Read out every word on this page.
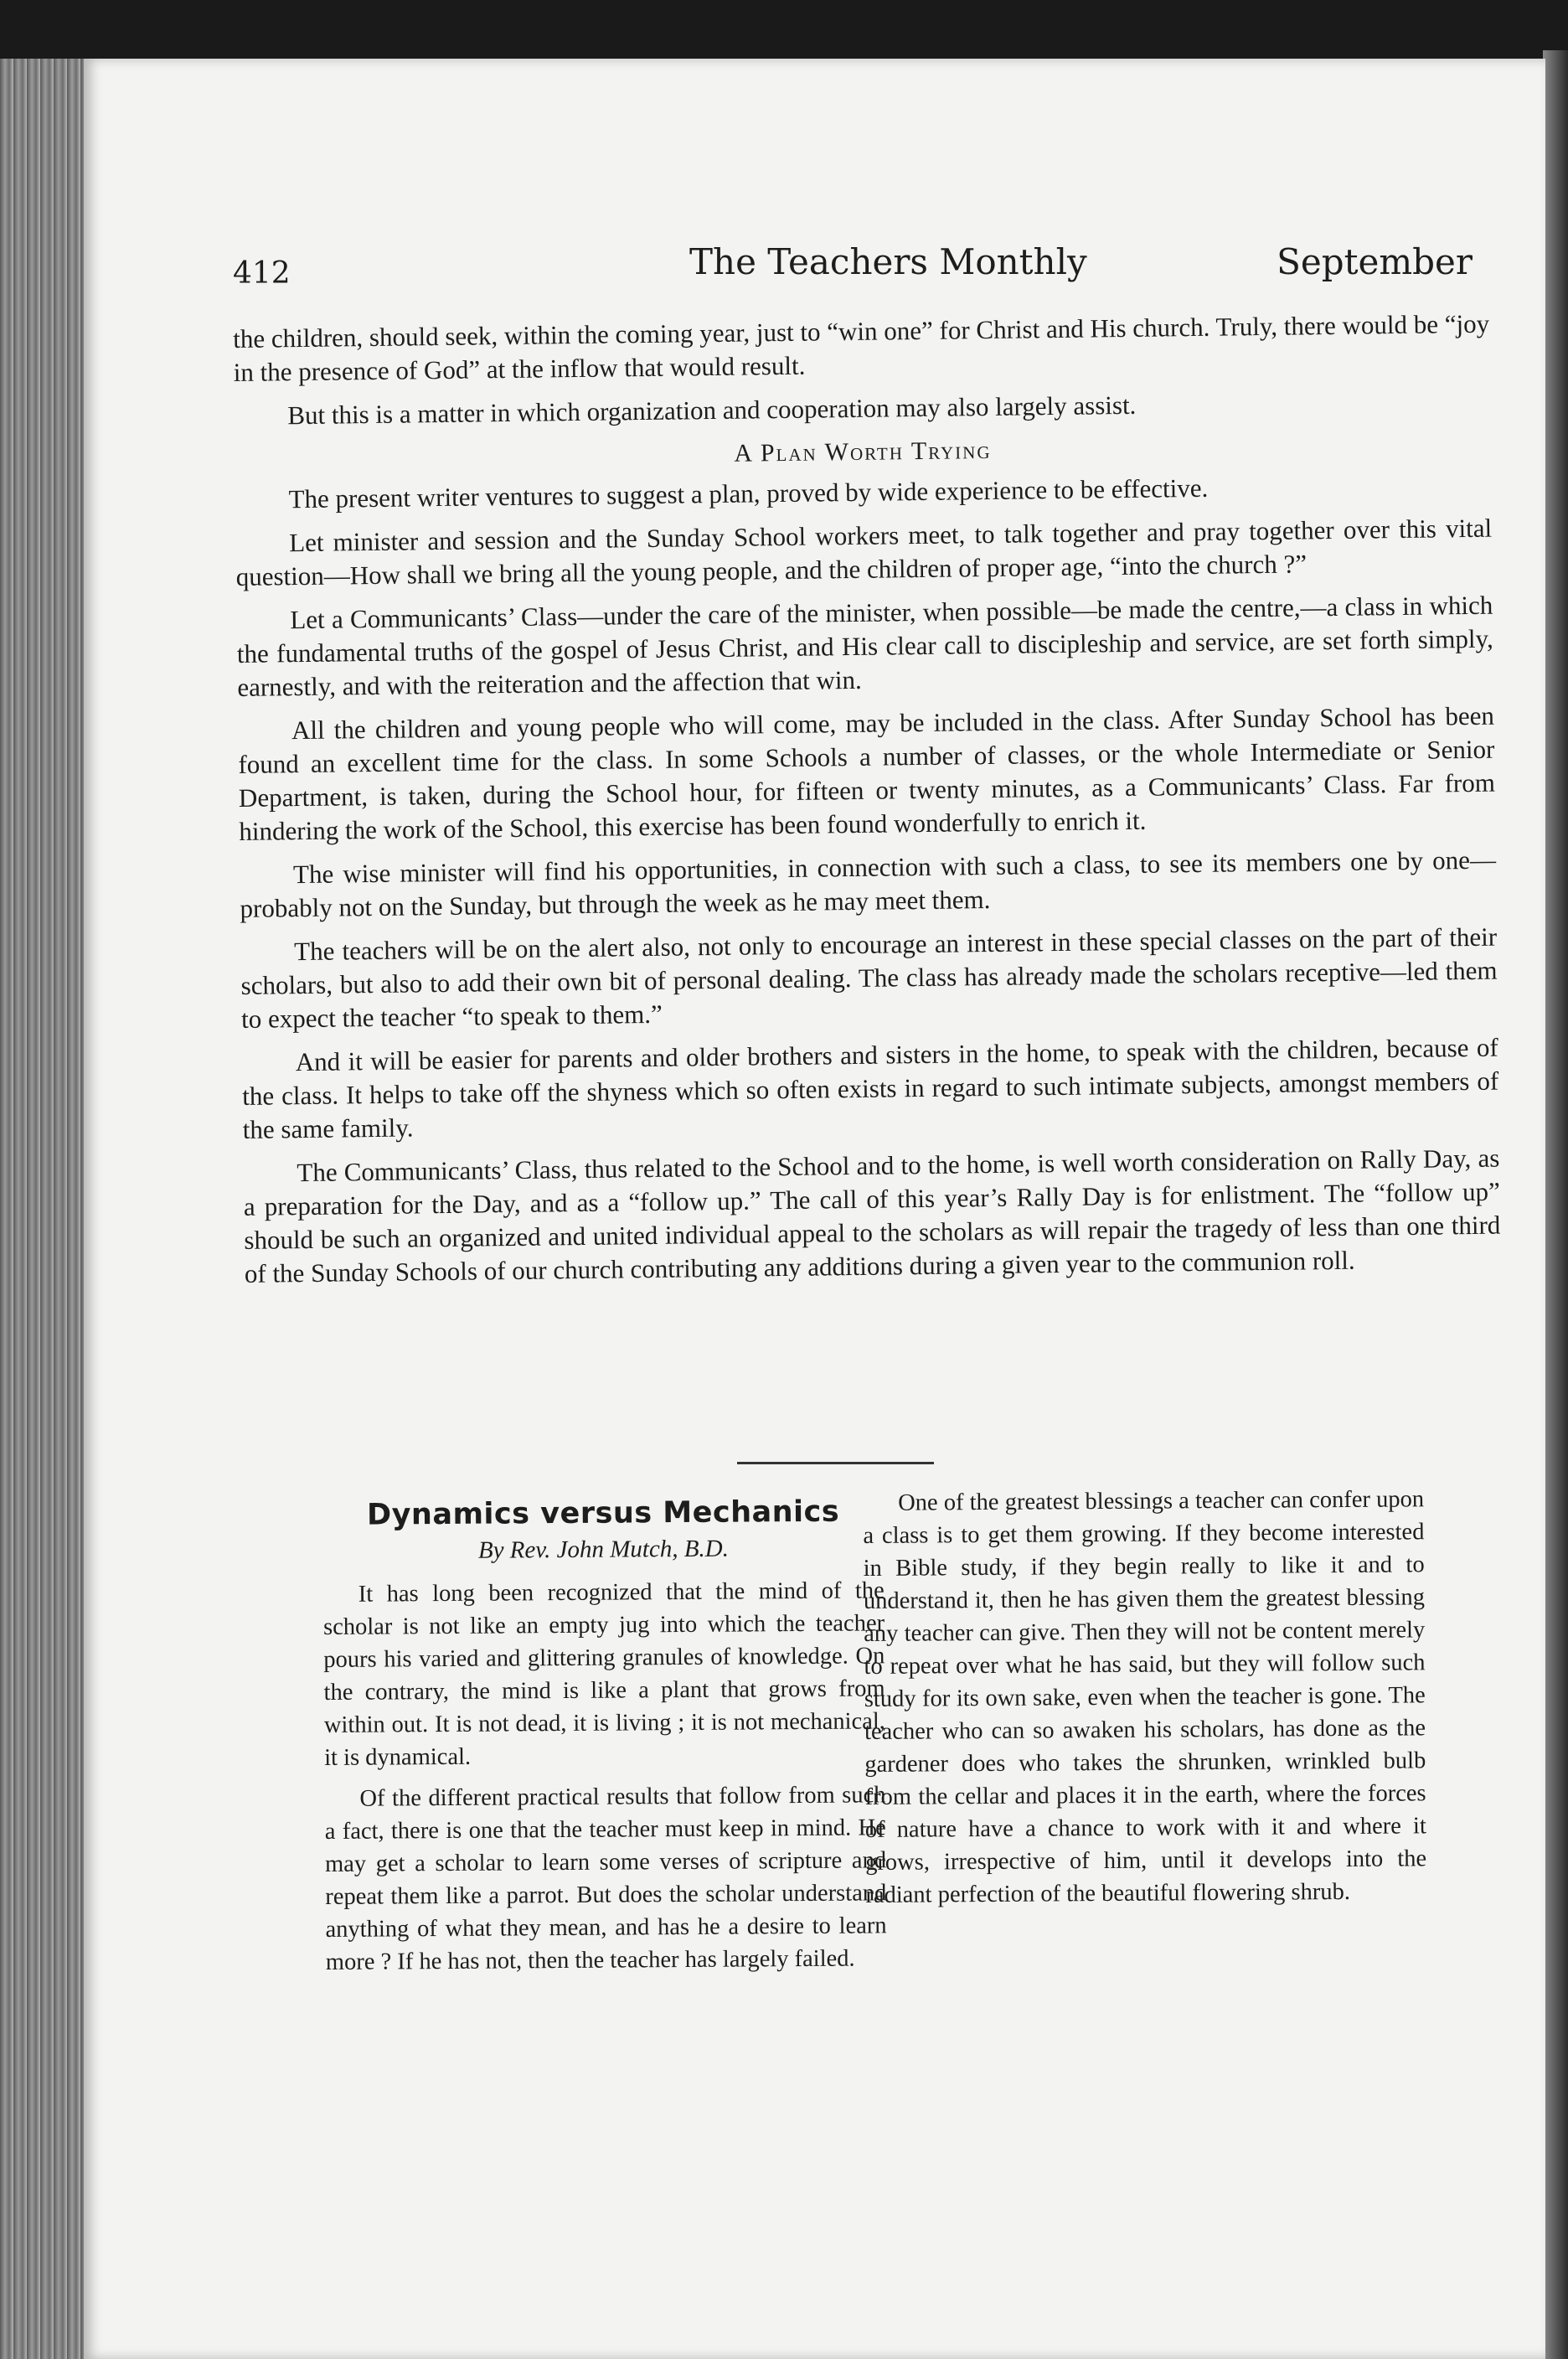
412	The Teachers Monthly	September

the children, should seek, within the coming year, just to “win one” for Christ and His church. Truly, there would be “joy in the presence of God” at the inflow that would result.

But this is a matter in which organization and cooperation may also largely assist.

A Plan Worth Trying

The present writer ventures to suggest a plan, proved by wide experience to be effective.

Let minister and session and the Sunday School workers meet, to talk together and pray together over this vital question—How shall we bring all the young people, and the children of proper age, “into the church ?”

Let a Communicants’ Class—under the care of the minister, when possible—be made the centre,—a class in which the fundamental truths of the gospel of Jesus Christ, and His clear call to discipleship and service, are set forth simply, earnestly, and with the reiteration and the affection that win.

All the children and young people who will come, may be included in the class. After Sunday School has been found an excellent time for the class. In some Schools a number of classes, or the whole Intermediate or Senior Department, is taken, during the School hour, for fifteen or twenty minutes, as a Communicants’ Class. Far from hindering the work of the School, this exercise has been found wonderfully to enrich it.

The wise minister will find his opportunities, in connection with such a class, to see its members one by one—probably not on the Sunday, but through the week as he may meet them.

The teachers will be on the alert also, not only to encourage an interest in these special classes on the part of their scholars, but also to add their own bit of personal dealing. The class has already made the scholars receptive—led them to expect the teacher “to speak to them.”

And it will be easier for parents and older brothers and sisters in the home, to speak with the children, because of the class. It helps to take off the shyness which so often exists in regard to such intimate subjects, amongst members of the same family.

The Communicants’ Class, thus related to the School and to the home, is well worth consideration on Rally Day, as a preparation for the Day, and as a “follow up.” The call of this year’s Rally Day is for enlistment. The “follow up” should be such an organized and united individual appeal to the scholars as will repair the tragedy of less than one third of the Sunday Schools of our church contributing any additions during a given year to the communion roll.

Dynamics versus Mechanics
By Rev. John Mutch, B.D.

It has long been recognized that the mind of the scholar is not like an empty jug into which the teacher pours his varied and glittering granules of knowledge. On the contrary, the mind is like a plant that grows from within out. It is not dead, it is living ; it is not mechanical, it is dynamical.

Of the different practical results that follow from such a fact, there is one that the teacher must keep in mind. He may get a scholar to learn some verses of scripture and repeat them like a parrot. But does the scholar understand anything of what they mean, and has he a desire to learn more ? If he has not, then the teacher has largely failed.

One of the greatest blessings a teacher can confer upon a class is to get them growing. If they become interested in Bible study, if they begin really to like it and to understand it, then he has given them the greatest blessing any teacher can give. Then they will not be content merely to repeat over what he has said, but they will follow such study for its own sake, even when the teacher is gone. The teacher who can so awaken his scholars, has done as the gardener does who takes the shrunken, wrinkled bulb from the cellar and places it in the earth, where the forces of nature have a chance to work with it and where it grows, irrespective of him, until it develops into the radiant perfection of the beautiful flowering shrub.
